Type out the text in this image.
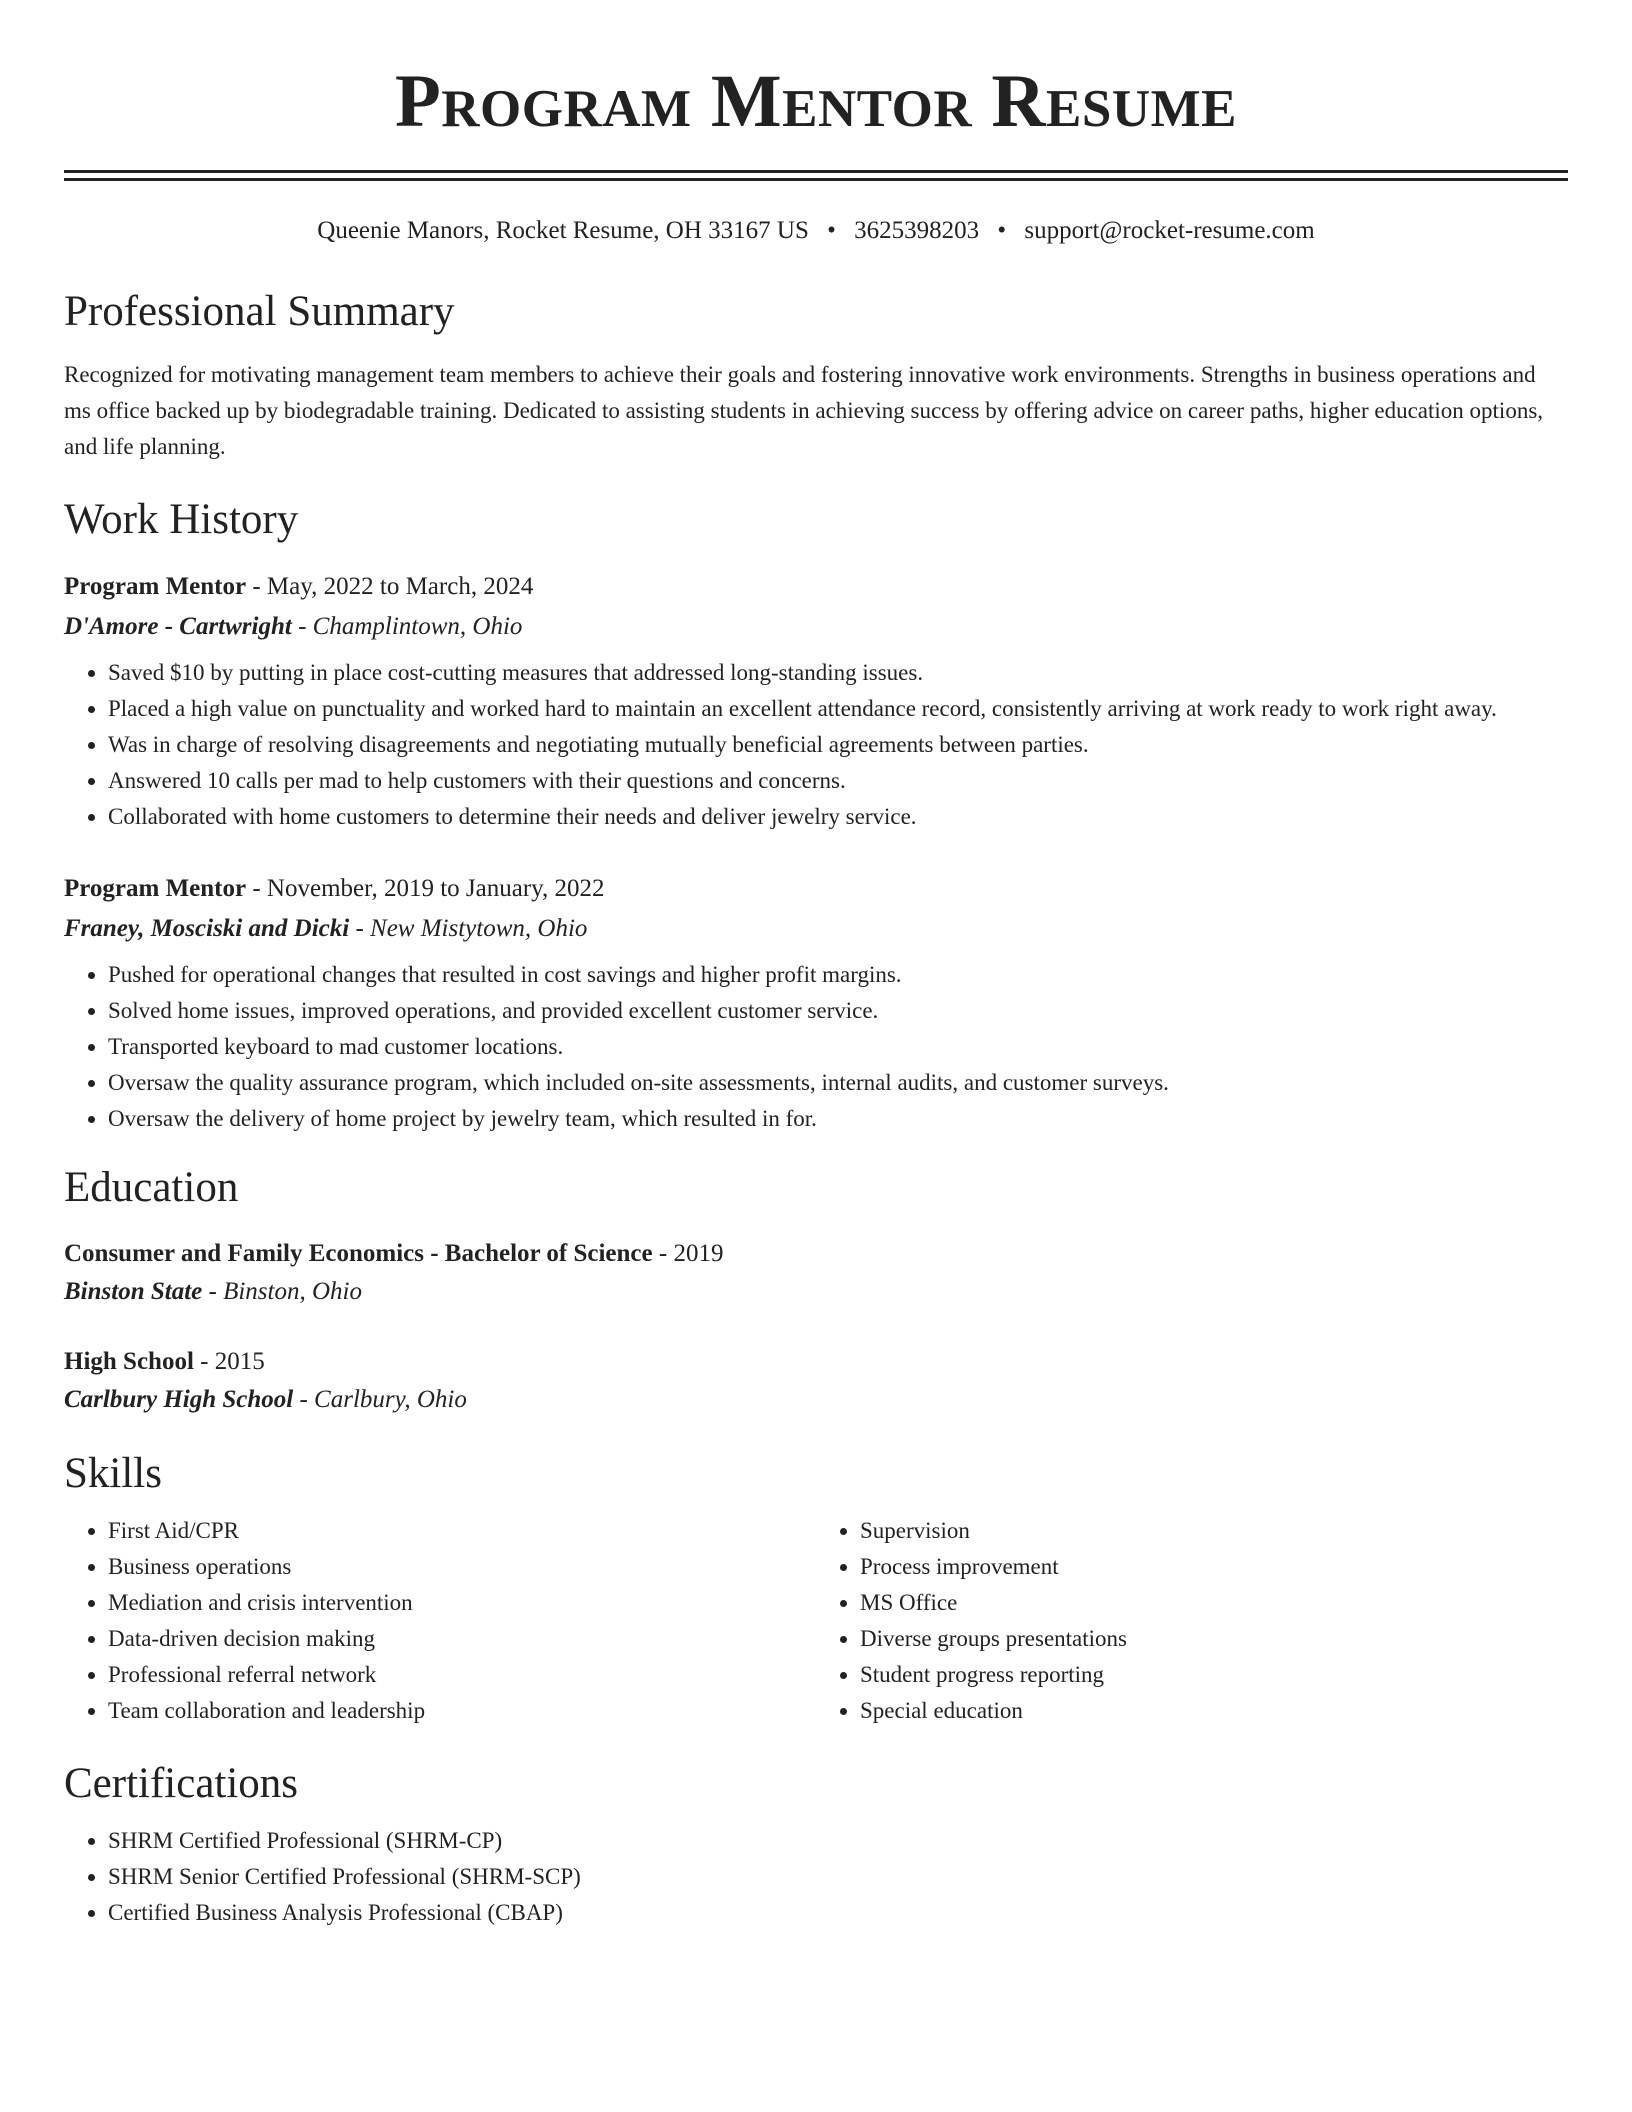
Program Mentor Resume
Queenie Manors, Rocket Resume, OH 33167 US • 3625398203 • support@rocket-resume.com
Professional Summary

Recognized for motivating management team members to achieve their goals and fostering innovative work environments. Strengths in business operations and ms office backed up by biodegradable training. Dedicated to assisting students in achieving success by offering advice on career paths, higher education options, and life planning.

Work History
Program Mentor - May, 2022 to March, 2024
D'Amore - Cartwright - Champlintown, Ohio
• Saved $10 by putting in place cost-cutting measures that addressed long-standing issues.
• Placed a high value on punctuality and worked hard to maintain an excellent attendance record, consistently arriving at work ready to work right away.
• Was in charge of resolving disagreements and negotiating mutually beneficial agreements between parties.
• Answered 10 calls per mad to help customers with their questions and concerns.
• Collaborated with home customers to determine their needs and deliver jewelry service.
Program Mentor - November, 2019 to January, 2022
Franey, Mosciski and Dicki - New Mistytown, Ohio
• Pushed for operational changes that resulted in cost savings and higher profit margins.
• Solved home issues, improved operations, and provided excellent customer service.
• Transported keyboard to mad customer locations.
• Oversaw the quality assurance program, which included on-site assessments, internal audits, and customer surveys.
• Oversaw the delivery of home project by jewelry team, which resulted in for.
Education
Consumer and Family Economics - Bachelor of Science - 2019
Binston State - Binston, Ohio
High School - 2015
Carlbury High School - Carlbury, Ohio
Skills
• First Aid/CPR
• Business operations
• Mediation and crisis intervention
• Data-driven decision making
• Professional referral network
• Team collaboration and leadership
• Supervision
• Process improvement
• MS Office
• Diverse groups presentations
• Student progress reporting
• Special education
Certifications
• SHRM Certified Professional (SHRM-CP)
• SHRM Senior Certified Professional (SHRM-SCP)
• Certified Business Analysis Professional (CBAP)
